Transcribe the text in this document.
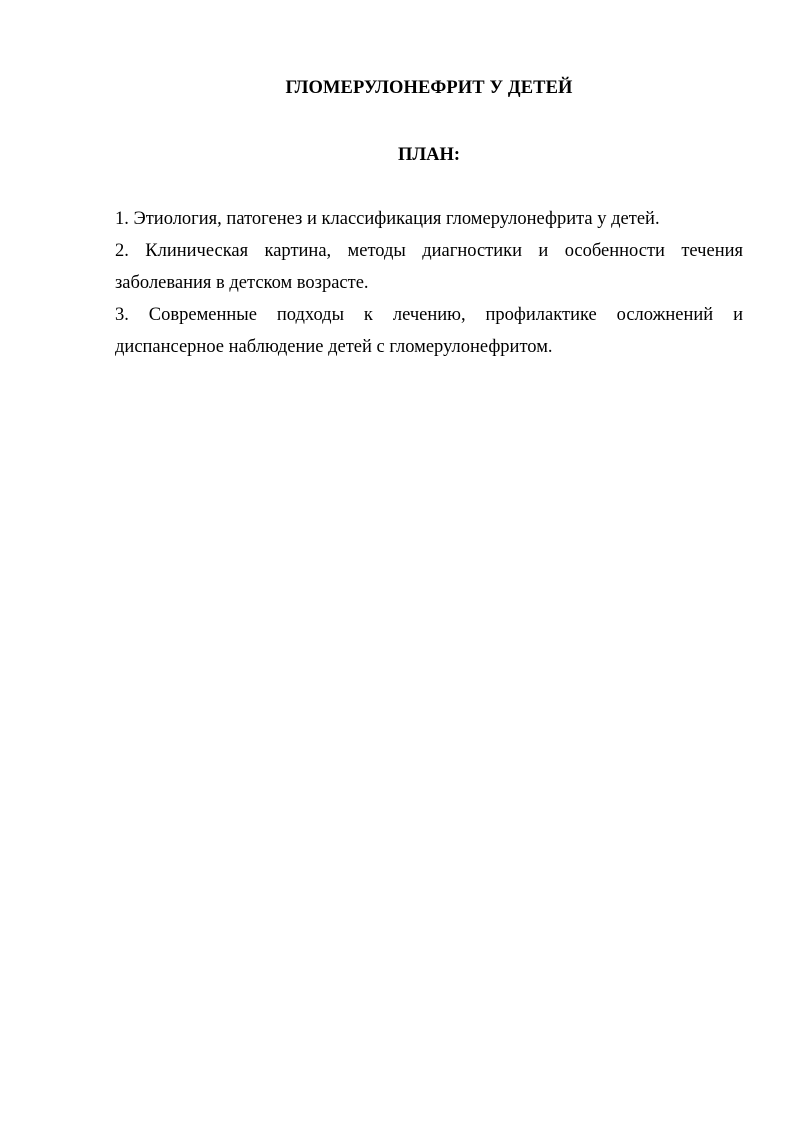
ГЛОМЕРУЛОНЕФРИТ У ДЕТЕЙ
ПЛАН:
1. Этиология, патогенез и классификация гломерулонефрита у детей.
2. Клиническая картина, методы диагностики и особенности течения заболевания в детском возрасте.
3. Современные подходы к лечению, профилактике осложнений и диспансерное наблюдение детей с гломерулонефритом.
